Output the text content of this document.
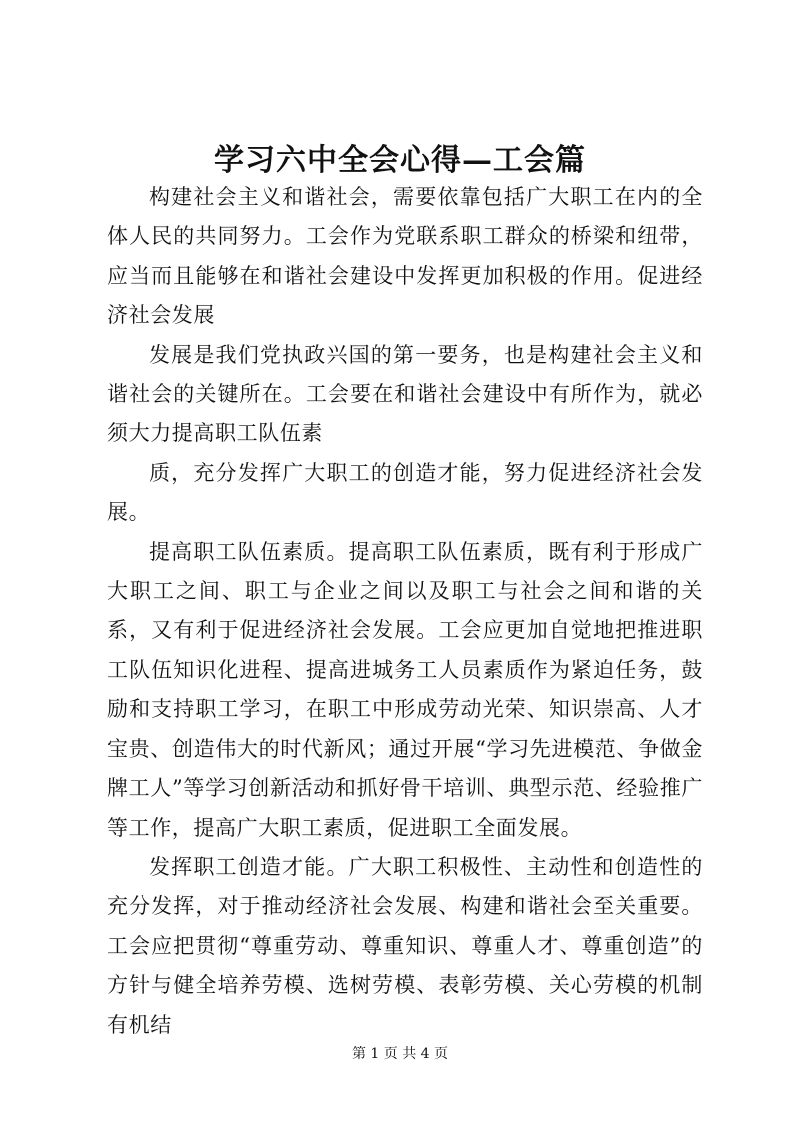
学习六中全会心得—工会篇

构建社会主义和谐社会，需要依靠包括广大职工在内的全体人民的共同努力。工会作为党联系职工群众的桥梁和纽带，应当而且能够在和谐社会建设中发挥更加积极的作用。促进经济社会发展

发展是我们党执政兴国的第一要务，也是构建社会主义和谐社会的关键所在。工会要在和谐社会建设中有所作为，就必须大力提高职工队伍素

质，充分发挥广大职工的创造才能，努力促进经济社会发展。

提高职工队伍素质。提高职工队伍素质，既有利于形成广大职工之间、职工与企业之间以及职工与社会之间和谐的关系，又有利于促进经济社会发展。工会应更加自觉地把推进职工队伍知识化进程、提高进城务工人员素质作为紧迫任务，鼓励和支持职工学习，在职工中形成劳动光荣、知识崇高、人才宝贵、创造伟大的时代新风；通过开展“学习先进模范、争做金牌工人”等学习创新活动和抓好骨干培训、典型示范、经验推广等工作，提高广大职工素质，促进职工全面发展。

发挥职工创造才能。广大职工积极性、主动性和创造性的充分发挥，对于推动经济社会发展、构建和谐社会至关重要。工会应把贯彻“尊重劳动、尊重知识、尊重人才、尊重创造”的方针与健全培养劳模、选树劳模、表彰劳模、关心劳模的机制有机结

第 1 页 共 4 页
